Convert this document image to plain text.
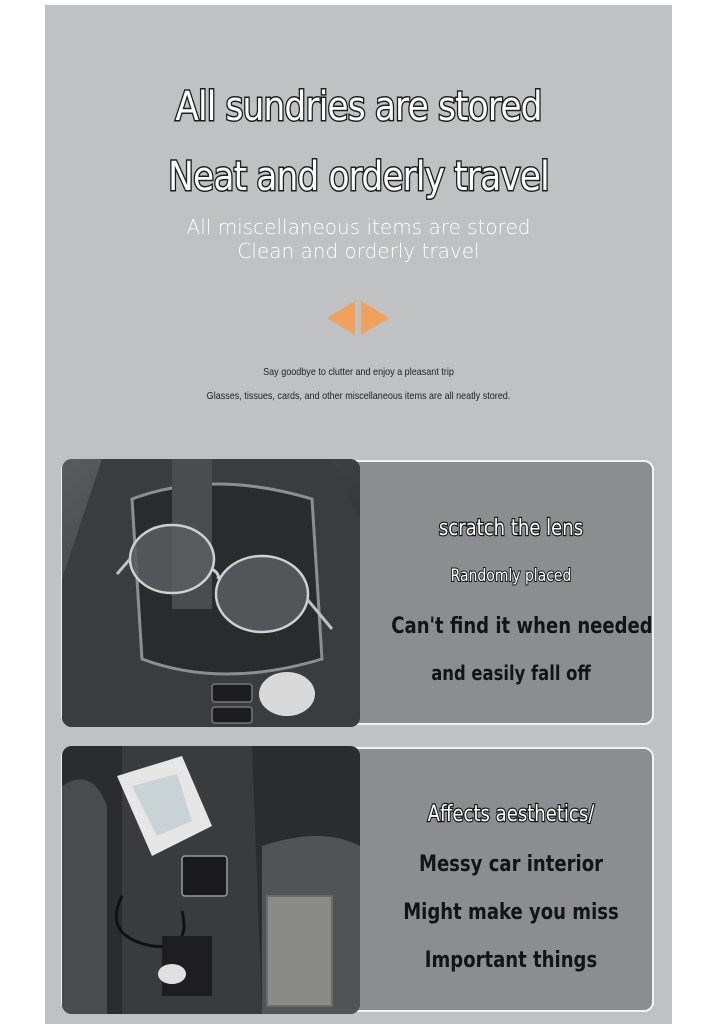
All sundries are stored
Neat and orderly travel
All miscellaneous items are stored
Clean and orderly travel
Say goodbye to clutter and enjoy a pleasant trip
Glasses, tissues, cards, and other miscellaneous items are all neatly stored.
scratch the lens
Randomly placed
Can't find it when needed
and easily fall off
Affects aesthetics/
Messy car interior
Might make you miss
Important things
